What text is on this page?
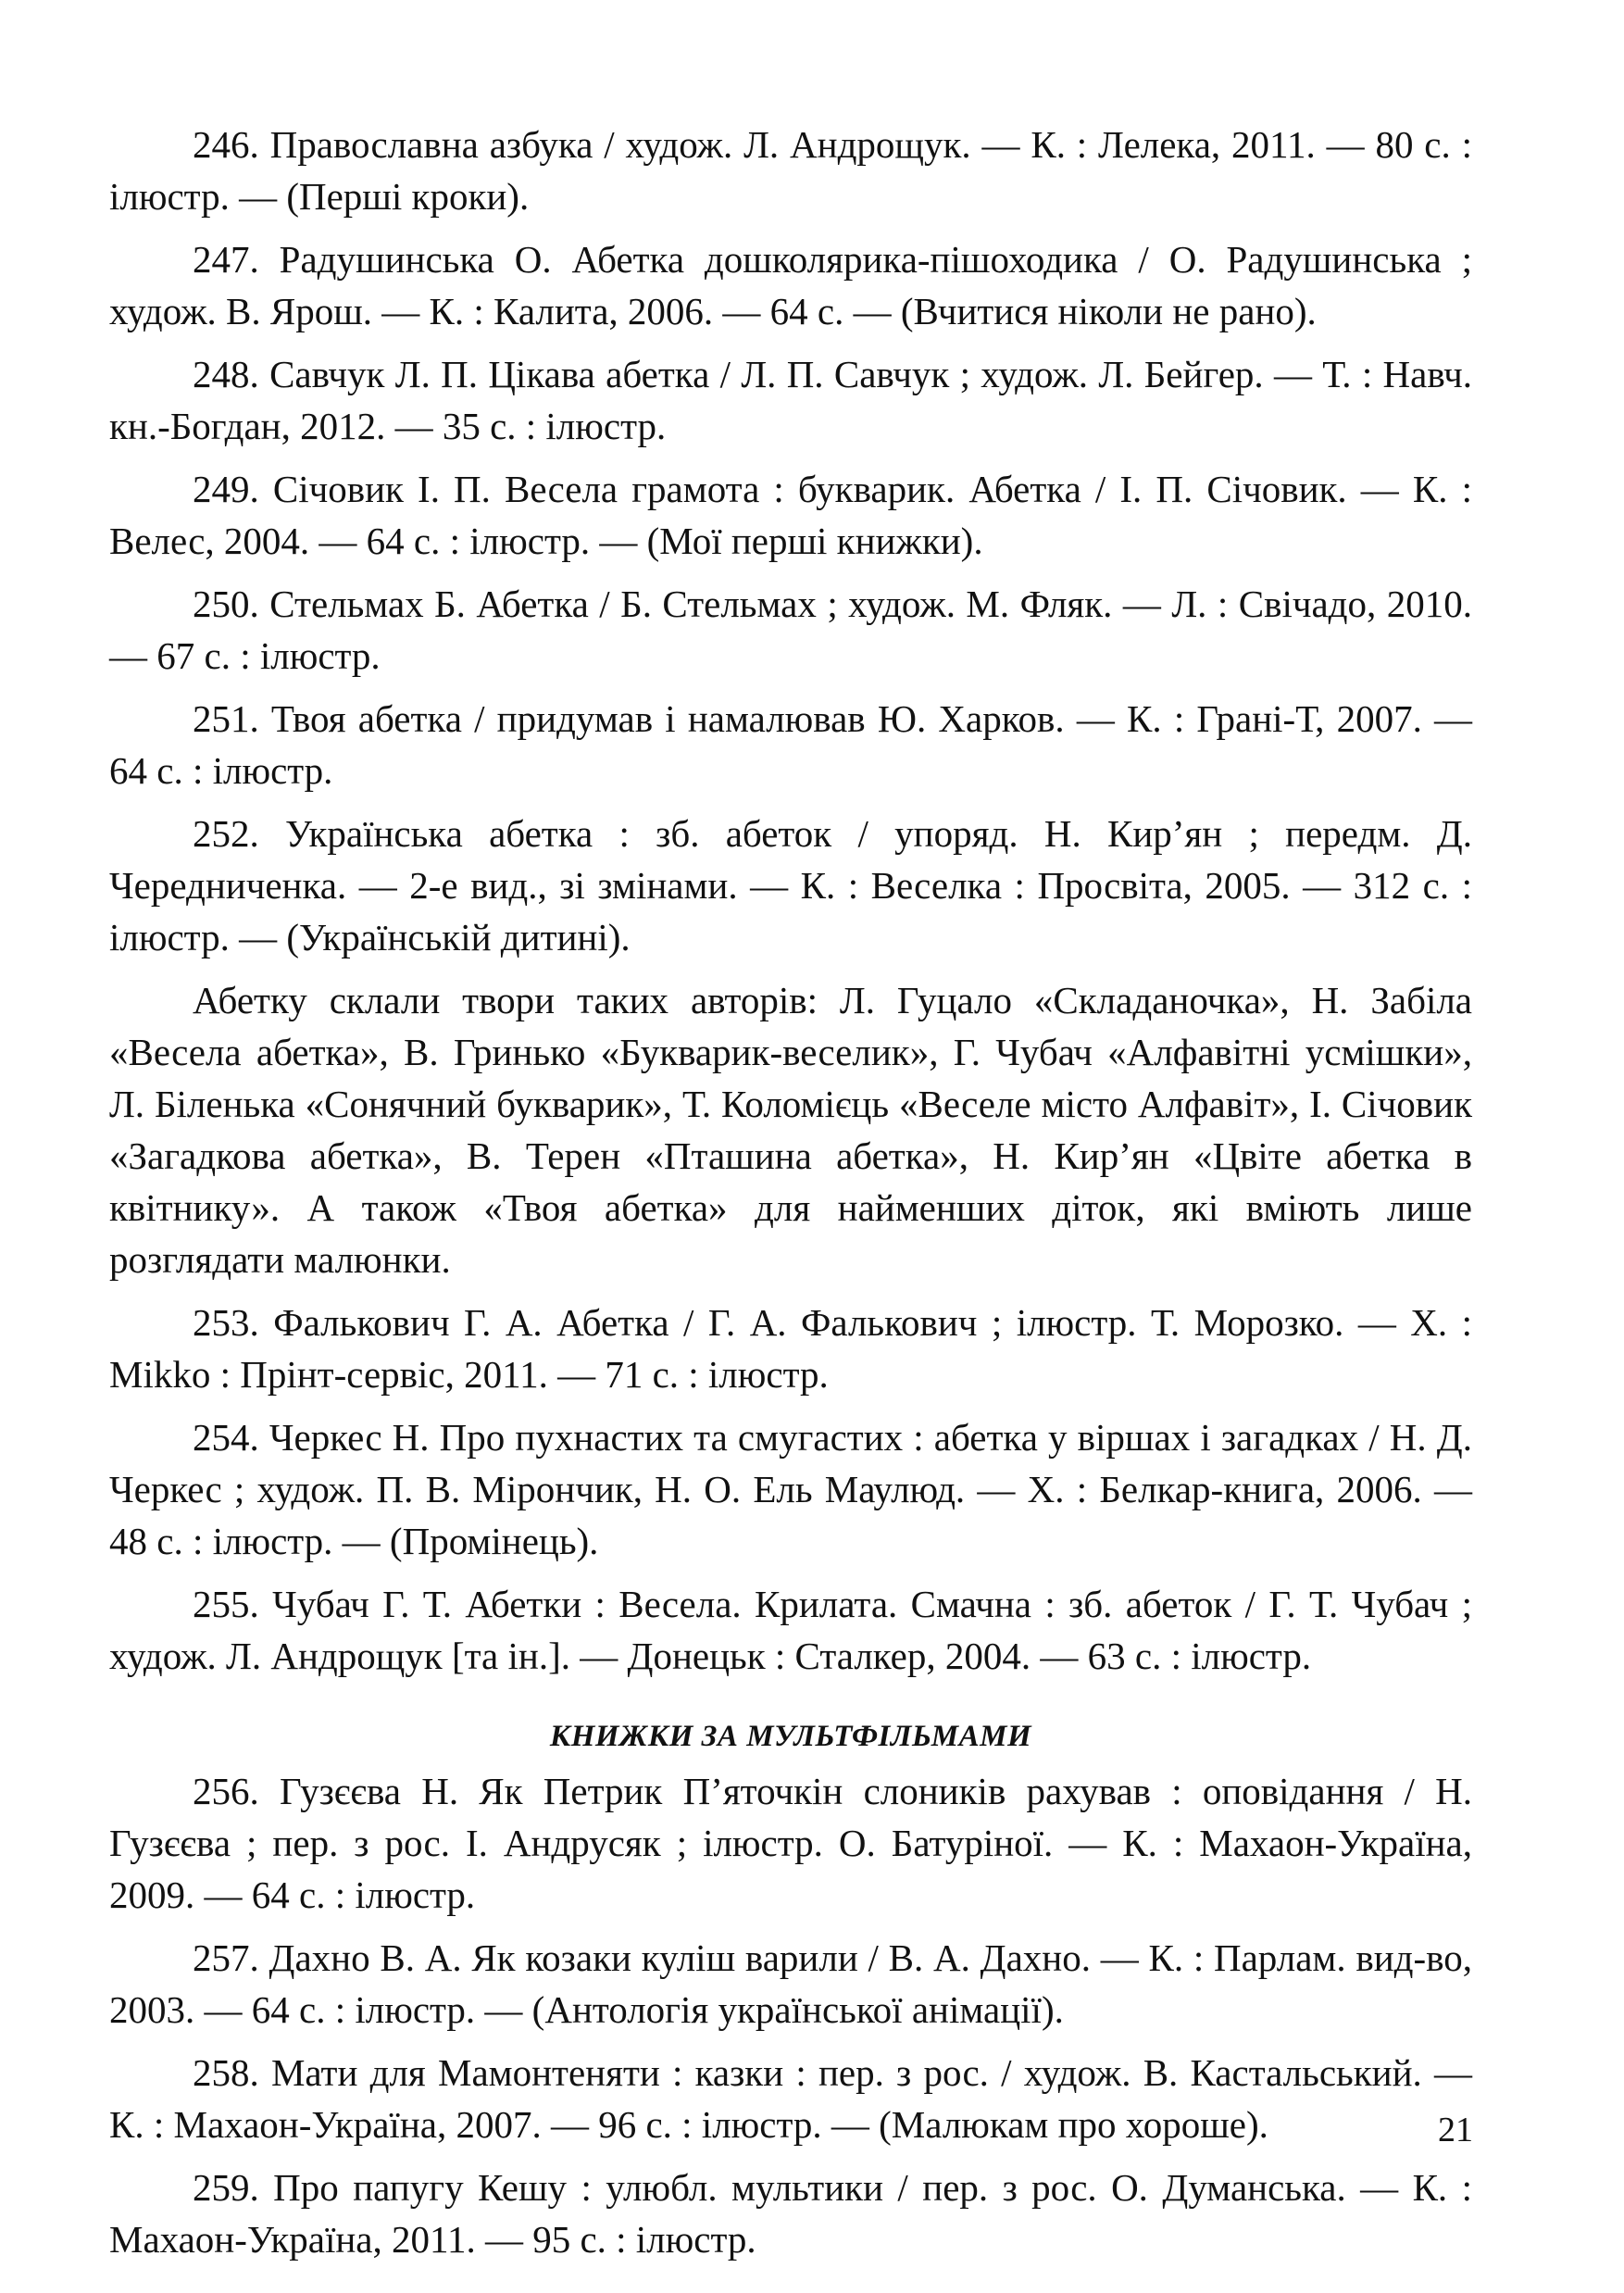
246. Православна азбука / худож. Л. Андрощук. — К. : Лелека, 2011. — 80 с. : ілюстр. — (Перші кроки).

247. Радушинська О. Абетка дошколярика-пішоходика / О. Радушинська ; худож. В. Ярош. — К. : Калита, 2006. — 64 с. — (Вчитися ніколи не рано).

248. Савчук Л. П. Цікава абетка / Л. П. Савчук ; худож. Л. Бейгер. — Т. : Навч. кн.-Богдан, 2012. — 35 с. : ілюстр.

249. Січовик І. П. Весела грамота : букварик. Абетка / І. П. Січовик. — К. : Велес, 2004. — 64 с. : ілюстр. — (Мої перші книжки).

250. Стельмах Б. Абетка / Б. Стельмах ; худож. М. Фляк. — Л. : Свічадо, 2010. — 67 с. : ілюстр.

251. Твоя абетка / придумав і намалював Ю. Харков. — К. : Грані-Т, 2007. — 64 с. : ілюстр.

252. Українська абетка : зб. абеток / упоряд. Н. Кир’ян ; передм. Д. Чередниченка. — 2-е вид., зі змінами. — К. : Веселка : Просвіта, 2005. — 312 с. : ілюстр. — (Українській дитині).

Абетку склали твори таких авторів: Л. Гуцало «Складаночка», Н. Забіла «Весела абетка», В. Гринько «Букварик-веселик», Г. Чубач «Алфавітні усмішки», Л. Біленька «Сонячний букварик», Т. Коломієць «Веселе місто Алфавіт», І. Січовик «Загадкова абетка», В. Терен «Пташина абетка», Н. Кир’ян «Цвіте абетка в квітнику». А також «Твоя абетка» для найменших діток, які вміють лише розглядати малюнки.

253. Фалькович Г. А. Абетка / Г. А. Фалькович ; ілюстр. Т. Морозко. — Х. : Mikko : Прінт-сервіс, 2011. — 71 с. : ілюстр.

254. Черкес Н. Про пухнастих та смугастих : абетка у віршах і загадках / Н. Д. Черкес ; худож. П. В. Мірончик, Н. О. Ель Маулюд. — Х. : Белкар-книга, 2006. — 48 с. : ілюстр. — (Промінець).

255. Чубач Г. Т. Абетки : Весела. Крилата. Смачна : зб. абеток / Г. Т. Чубач ; худож. Л. Андрощук [та ін.]. — Донецьк : Сталкер, 2004. — 63 с. : ілюстр.

КНИЖКИ ЗА МУЛЬТФІЛЬМАМИ

256. Гузєєва Н. Як Петрик П’яточкін слоників рахував : оповідання / Н. Гузєєва ; пер. з рос. І. Андрусяк ; ілюстр. О. Батуріної. — К. : Махаон-Україна, 2009. — 64 с. : ілюстр.

257. Дахно В. А. Як козаки куліш варили / В. А. Дахно. — К. : Парлам. вид-во, 2003. — 64 с. : ілюстр. — (Антологія української анімації).

258. Мати для Мамонтеняти : казки : пер. з рос. / худож. В. Кастальський. — К. : Махаон-Україна, 2007. — 96 с. : ілюстр. — (Малюкам про хороше).

259. Про папугу Кешу : улюбл. мультики / пер. з рос. О. Думанська. — К. : Махаон-Україна, 2011. — 95 с. : ілюстр.

21
